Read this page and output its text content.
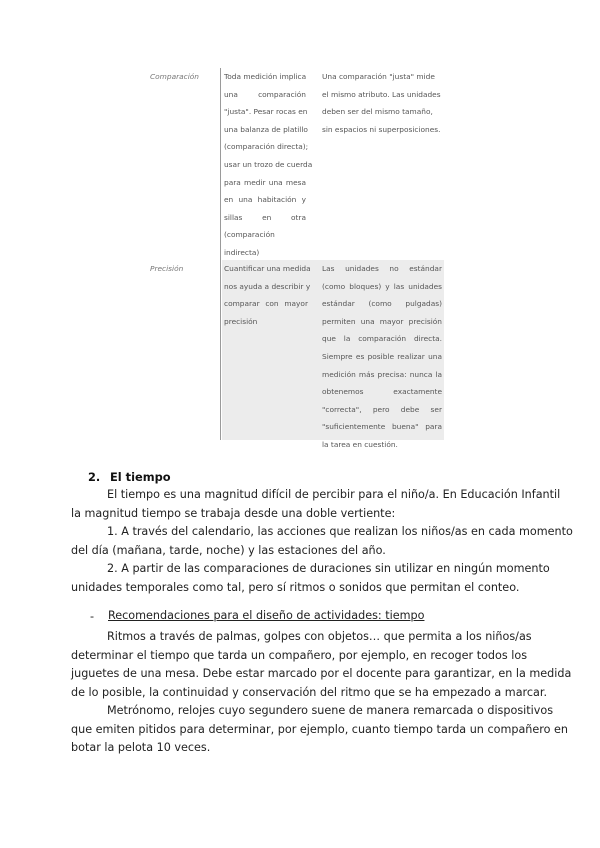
Comparación	Toda medición implica
una comparación
"justa". Pesar rocas en
una balanza de platillo
(comparación directa);
usar un trozo de cuerda
para medir una mesa
en una habitación y
sillas en otra
(comparación
indirecta)
Una comparación "justa" mide
el mismo atributo. Las unidades
deben ser del mismo tamaño,
sin espacios ni superposiciones.
Precisión	Cuantificar una medida
nos ayuda a describir y
comparar con mayor
precisión
Las unidades no estándar
(como bloques) y las unidades
estándar (como pulgadas)
permiten una mayor precisión
que la comparación directa.
Siempre es posible realizar una
medición más precisa: nunca la
obtenemos exactamente
"correcta", pero debe ser
"suficientemente buena" para
la tarea en cuestión.
2. El tiempo
El tiempo es una magnitud difícil de percibir para el niño/a. En Educación Infantil
la magnitud tiempo se trabaja desde una doble vertiente:
1. A través del calendario, las acciones que realizan los niños/as en cada momento
del día (mañana, tarde, noche) y las estaciones del año.
2. A partir de las comparaciones de duraciones sin utilizar en ningún momento
unidades temporales como tal, pero sí ritmos o sonidos que permitan el conteo.
- Recomendaciones para el diseño de actividades: tiempo
Ritmos a través de palmas, golpes con objetos… que permita a los niños/as
determinar el tiempo que tarda un compañero, por ejemplo, en recoger todos los
juguetes de una mesa. Debe estar marcado por el docente para garantizar, en la medida
de lo posible, la continuidad y conservación del ritmo que se ha empezado a marcar.
Metrónomo, relojes cuyo segundero suene de manera remarcada o dispositivos
que emiten pitidos para determinar, por ejemplo, cuanto tiempo tarda un compañero en
botar la pelota 10 veces.
